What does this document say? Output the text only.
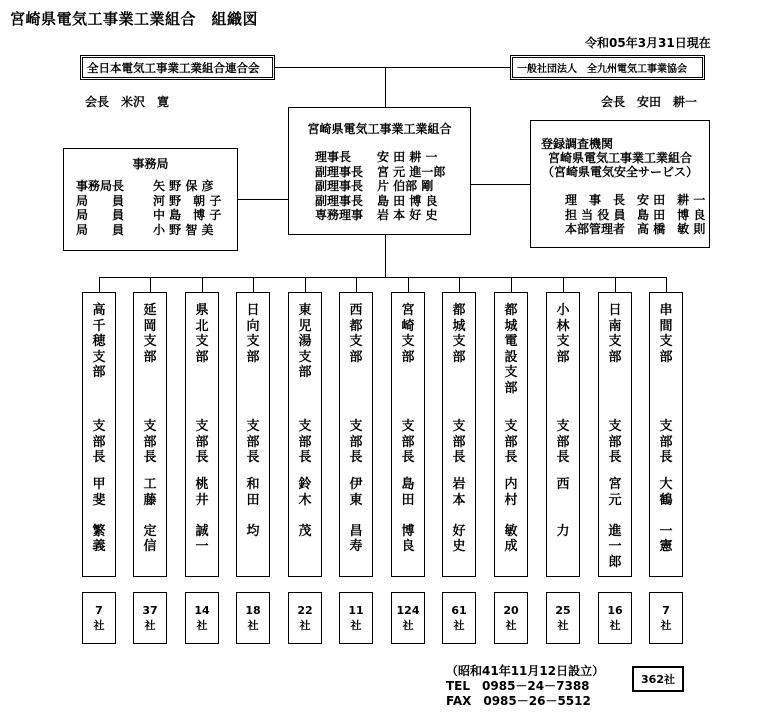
宮崎県電気工事業工業組合　組織図
令和05年3月31日現在
全日本電気工事業工業組合連合会
会長　米沢　寛
一般社団法人　全九州電気工事業協会
会長　安田　耕一
宮崎県電気工事業工業組合
理事長	安 田 耕 一
副理事長	宮 元 進一郎
副理事長	片 伯部 剛
副理事長	島 田 博 良
専務理事	岩 本 好 史
事務局
事務局長	矢 野 保 彦
局　　員	河 野　朝 子
局　　員	中 島　博 子
局　　員	小 野 智 美
登録調査機関
宮崎県電気工事業工業組合
（宮崎県電気安全サービス）
理　事　長 安 田　耕 一
担 当 役 員 島 田　博 良
本部管理者 高 橋　敏 則
高
千
穂
支
部
支
部
長
甲
斐

繁
義
7
社
延
岡
支
部
支
部
長
工
藤

定
信
37
社
県
北
支
部
支
部
長
桃
井

誠
一
14
社
日
向
支
部
支
部
長
和
田

均
18
社
東
児
湯
支
部
支
部
長
鈴
木

茂
22
社
西
都
支
部
支
部
長
伊
東

昌
寿
11
社
宮
崎
支
部
支
部
長
島
田

博
良
124
社
都
城
支
部
支
部
長
岩
本

好
史
61
社
都
城
電
設
支
部
支
部
長
内
村

敏
成
20
社
小
林
支
部
支
部
長
西

力
25
社
日
南
支
部
支
部
長
宮
元

進
一
郎
16
社
串
間
支
部
支
部
長
大
鶴

一
憲
7
社
（昭和41年11月12日設立）
TEL　0985－24－7388
FAX　0985－26－5512
362社
